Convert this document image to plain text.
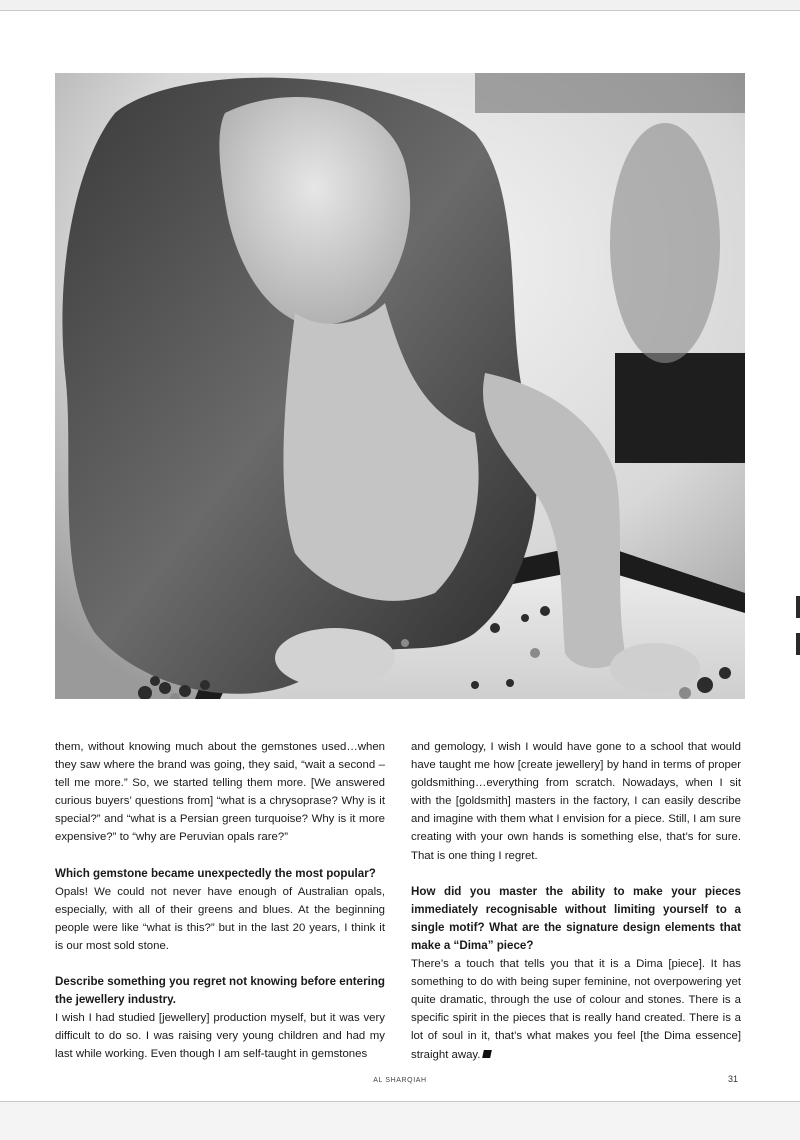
them, without knowing much about the gemstones used…when they saw where the brand was going, they said, “wait a second – tell me more.” So, we started telling them more. [We answered curious buyers’ questions from] “what is a chrysoprase? Why is it special?” and “what is a Persian green turquoise? Why is it more expensive?” to “why are Peruvian opals rare?”

Which gemstone became unexpectedly the most popular?

Opals! We could not never have enough of Australian opals, especially, with all of their greens and blues. At the beginning people were like “what is this?” but in the last 20 years, I think it is our most sold stone.

Describe something you regret not knowing before entering the jewellery industry.

I wish I had studied [jewellery] production myself, but it was very difficult to do so. I was raising very young children and had my last while working. Even though I am self-taught in gemstones

and gemology, I wish I would have gone to a school that would have taught me how [create jewellery] by hand in terms of proper goldsmithing…everything from scratch. Nowadays, when I sit with the [goldsmith] masters in the factory, I can easily describe and imagine with them what I envision for a piece. Still, I am sure creating with your own hands is something else, that’s for sure. That is one thing I regret.

How did you master the ability to make your pieces immediately recognisable without limiting yourself to a single motif? What are the signature design elements that make a “Dima” piece?

There’s a touch that tells you that it is a Dima [piece]. It has something to do with being super feminine, not overpowering yet quite dramatic, through the use of colour and stones. There is a specific spirit in the pieces that is really hand created. There is a lot of soul in it, that’s what makes you feel [the Dima essence] straight away.

AL SHARQIAH	31
